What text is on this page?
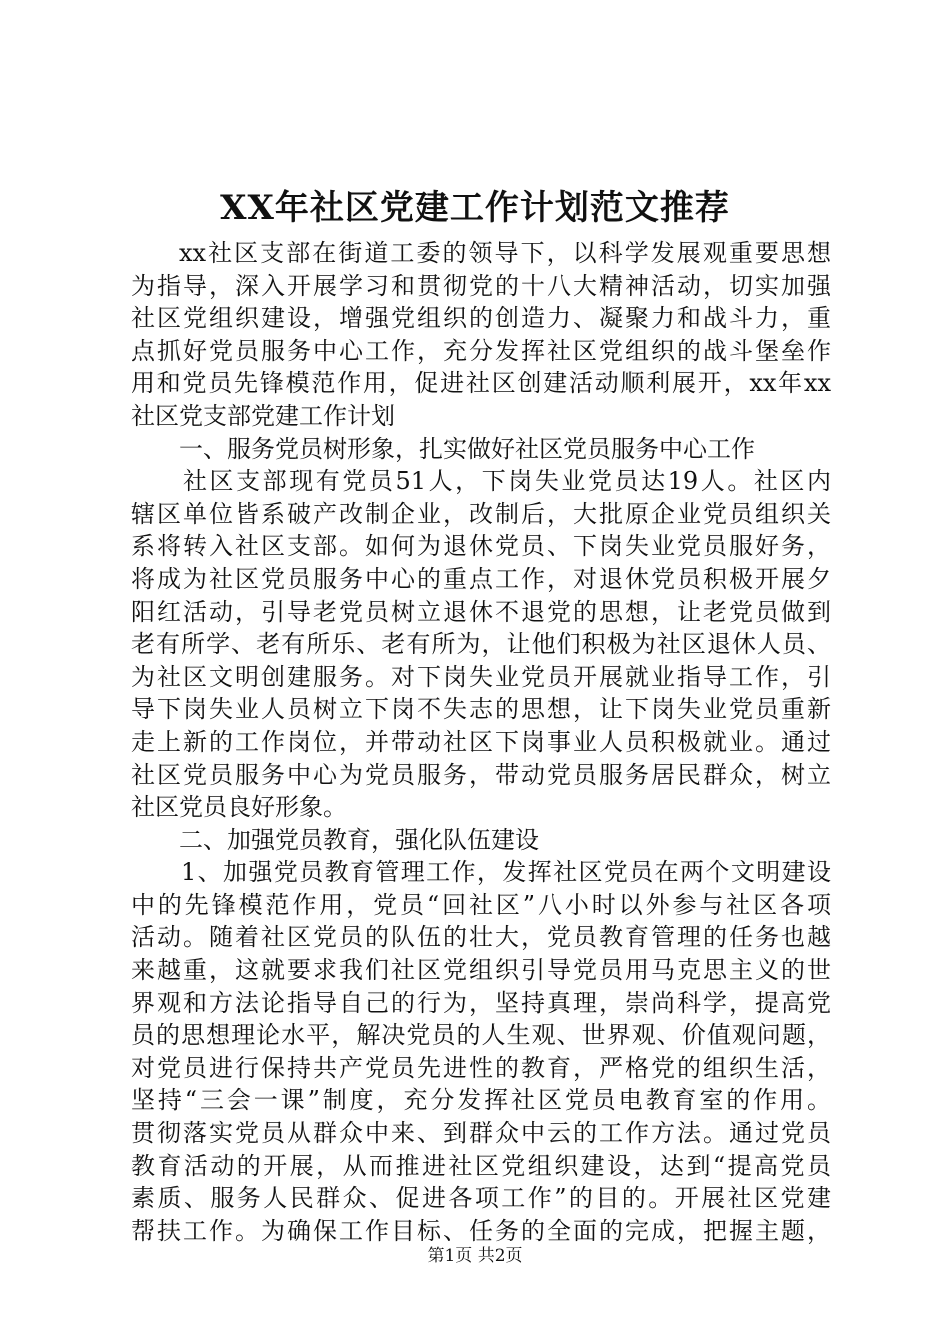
XX年社区党建工作计划范文推荐
xx社区支部在街道工委的领导下，以科学发展观重要思想
为指导，深入开展学习和贯彻党的十八大精神活动，切实加强
社区党组织建设，增强党组织的创造力、凝聚力和战斗力，重
点抓好党员服务中心工作，充分发挥社区党组织的战斗堡垒作
用和党员先锋模范作用，促进社区创建活动顺利展开，xx年xx
社区党支部党建工作计划
一、服务党员树形象，扎实做好社区党员服务中心工作
社区支部现有党员51人，下岗失业党员达19人。社区内
辖区单位皆系破产改制企业，改制后，大批原企业党员组织关
系将转入社区支部。如何为退休党员、下岗失业党员服好务，
将成为社区党员服务中心的重点工作，对退休党员积极开展夕
阳红活动，引导老党员树立退休不退党的思想，让老党员做到
老有所学、老有所乐、老有所为，让他们积极为社区退休人员、
为社区文明创建服务。对下岗失业党员开展就业指导工作，引
导下岗失业人员树立下岗不失志的思想，让下岗失业党员重新
走上新的工作岗位，并带动社区下岗事业人员积极就业。通过
社区党员服务中心为党员服务，带动党员服务居民群众，树立
社区党员良好形象。
二、加强党员教育，强化队伍建设
1、加强党员教育管理工作，发挥社区党员在两个文明建设
中的先锋模范作用，党员“回社区”八小时以外参与社区各项
活动。随着社区党员的队伍的壮大，党员教育管理的任务也越
来越重，这就要求我们社区党组织引导党员用马克思主义的世
界观和方法论指导自己的行为，坚持真理，崇尚科学，提高党
员的思想理论水平，解决党员的人生观、世界观、价值观问题，
对党员进行保持共产党员先进性的教育，严格党的组织生活，
坚持“三会一课”制度，充分发挥社区党员电教育室的作用。
贯彻落实党员从群众中来、到群众中云的工作方法。通过党员
教育活动的开展，从而推进社区党组织建设，达到“提高党员
素质、服务人民群众、促进各项工作”的目的。开展社区党建
帮扶工作。为确保工作目标、任务的全面的完成，把握主题，
第1页 共2页
